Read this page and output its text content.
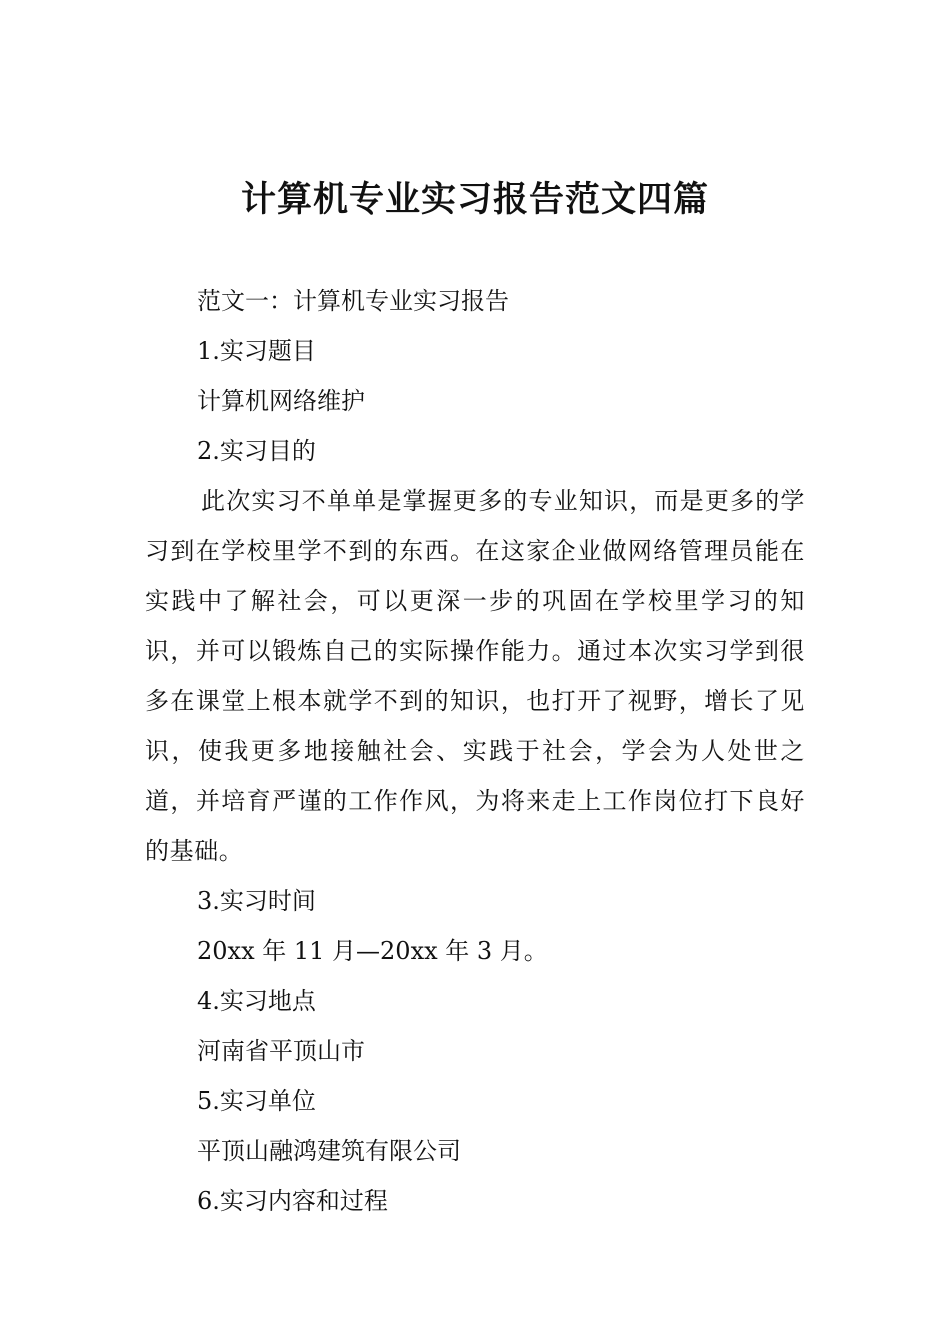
计算机专业实习报告范文四篇
范文一：计算机专业实习报告
1.实习题目
计算机网络维护
2.实习目的

此次实习不单单是掌握更多的专业知识，而是更多的学习到在学校里学不到的东西。在这家企业做网络管理员能在实践中了解社会，可以更深一步的巩固在学校里学习的知识，并可以锻炼自己的实际操作能力。通过本次实习学到很多在课堂上根本就学不到的知识，也打开了视野，增长了见识，使我更多地接触社会、实践于社会，学会为人处世之道，并培育严谨的工作作风，为将来走上工作岗位打下良好的基础。

3.实习时间
20xx 年 11 月—20xx 年 3 月。
4.实习地点
河南省平顶山市
5.实习单位
平顶山融鸿建筑有限公司
6.实习内容和过程
